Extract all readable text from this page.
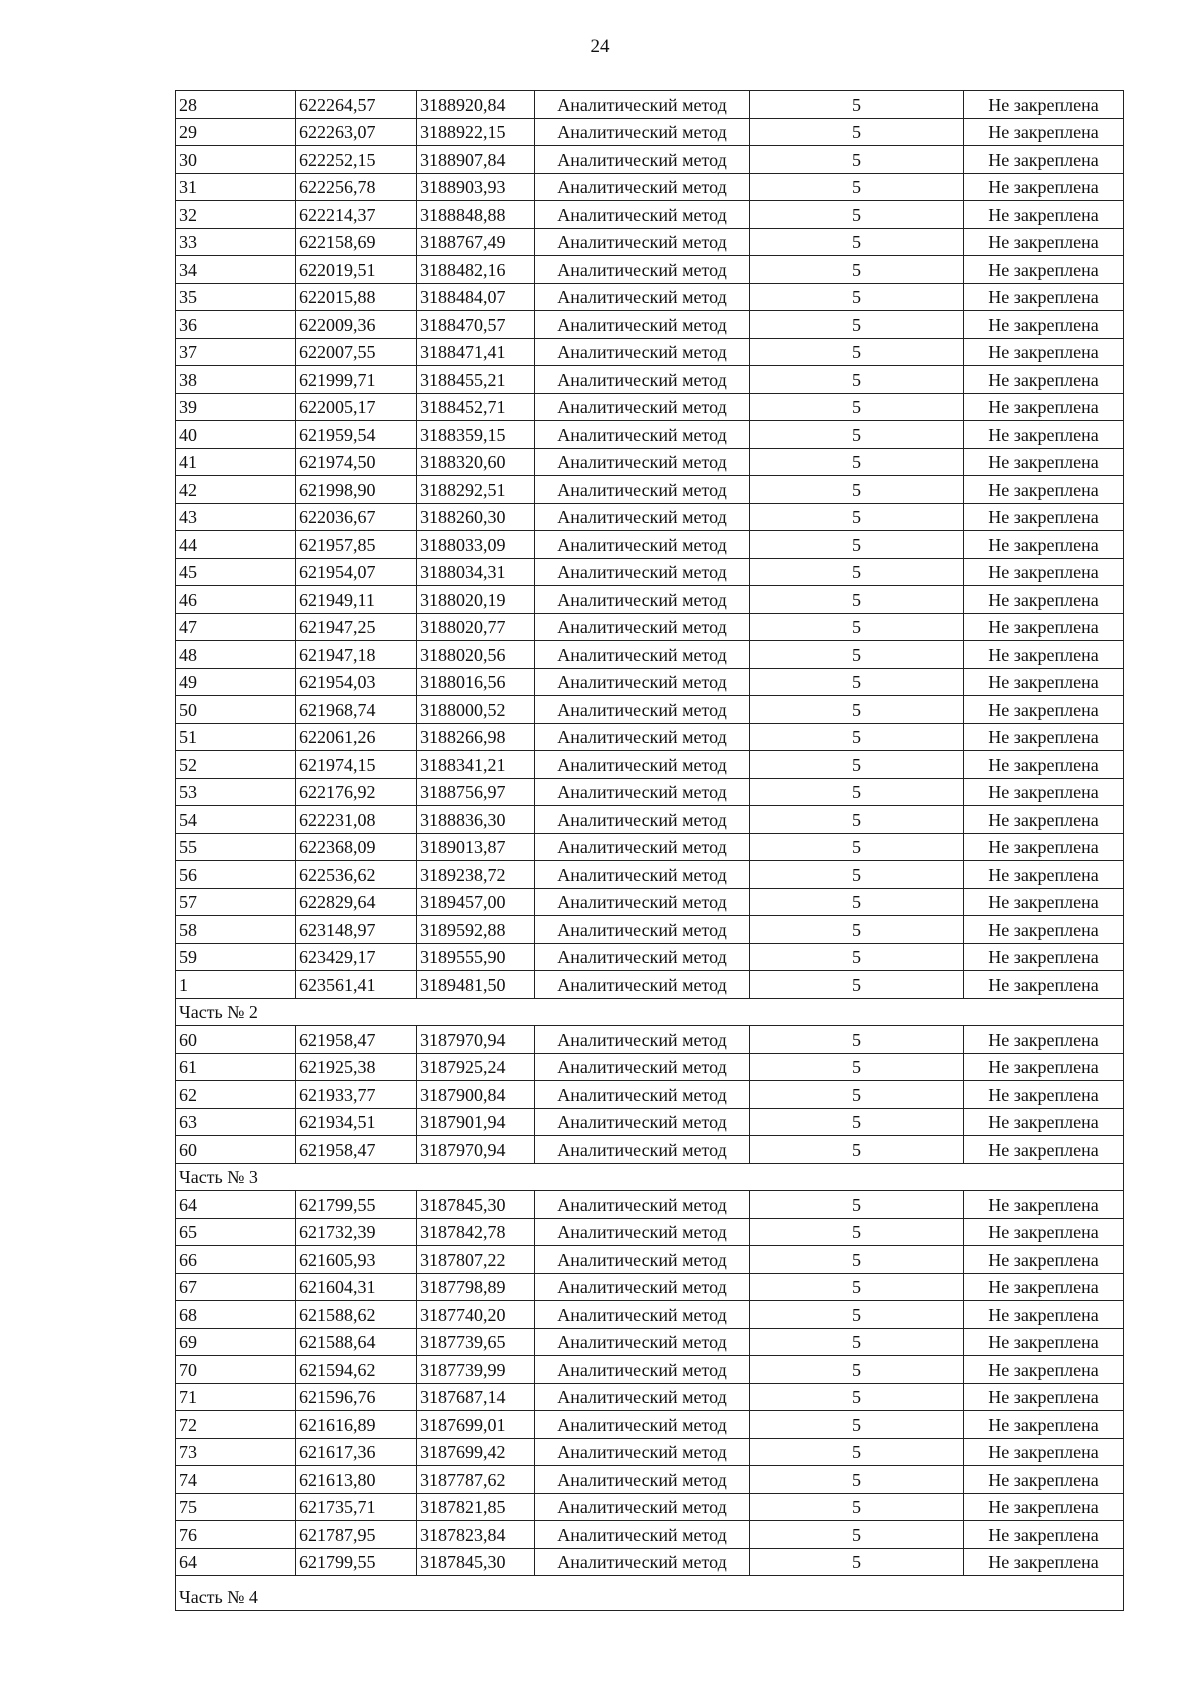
24
28	622264,57	3188920,84	Аналитический метод	5	Не закреплена
29	622263,07	3188922,15	Аналитический метод	5	Не закреплена
30	622252,15	3188907,84	Аналитический метод	5	Не закреплена
31	622256,78	3188903,93	Аналитический метод	5	Не закреплена
32	622214,37	3188848,88	Аналитический метод	5	Не закреплена
33	622158,69	3188767,49	Аналитический метод	5	Не закреплена
34	622019,51	3188482,16	Аналитический метод	5	Не закреплена
35	622015,88	3188484,07	Аналитический метод	5	Не закреплена
36	622009,36	3188470,57	Аналитический метод	5	Не закреплена
37	622007,55	3188471,41	Аналитический метод	5	Не закреплена
38	621999,71	3188455,21	Аналитический метод	5	Не закреплена
39	622005,17	3188452,71	Аналитический метод	5	Не закреплена
40	621959,54	3188359,15	Аналитический метод	5	Не закреплена
41	621974,50	3188320,60	Аналитический метод	5	Не закреплена
42	621998,90	3188292,51	Аналитический метод	5	Не закреплена
43	622036,67	3188260,30	Аналитический метод	5	Не закреплена
44	621957,85	3188033,09	Аналитический метод	5	Не закреплена
45	621954,07	3188034,31	Аналитический метод	5	Не закреплена
46	621949,11	3188020,19	Аналитический метод	5	Не закреплена
47	621947,25	3188020,77	Аналитический метод	5	Не закреплена
48	621947,18	3188020,56	Аналитический метод	5	Не закреплена
49	621954,03	3188016,56	Аналитический метод	5	Не закреплена
50	621968,74	3188000,52	Аналитический метод	5	Не закреплена
51	622061,26	3188266,98	Аналитический метод	5	Не закреплена
52	621974,15	3188341,21	Аналитический метод	5	Не закреплена
53	622176,92	3188756,97	Аналитический метод	5	Не закреплена
54	622231,08	3188836,30	Аналитический метод	5	Не закреплена
55	622368,09	3189013,87	Аналитический метод	5	Не закреплена
56	622536,62	3189238,72	Аналитический метод	5	Не закреплена
57	622829,64	3189457,00	Аналитический метод	5	Не закреплена
58	623148,97	3189592,88	Аналитический метод	5	Не закреплена
59	623429,17	3189555,90	Аналитический метод	5	Не закреплена
1	623561,41	3189481,50	Аналитический метод	5	Не закреплена
Часть № 2					
60	621958,47	3187970,94	Аналитический метод	5	Не закреплена
61	621925,38	3187925,24	Аналитический метод	5	Не закреплена
62	621933,77	3187900,84	Аналитический метод	5	Не закреплена
63	621934,51	3187901,94	Аналитический метод	5	Не закреплена
60	621958,47	3187970,94	Аналитический метод	5	Не закреплена
Часть № 3					
64	621799,55	3187845,30	Аналитический метод	5	Не закреплена
65	621732,39	3187842,78	Аналитический метод	5	Не закреплена
66	621605,93	3187807,22	Аналитический метод	5	Не закреплена
67	621604,31	3187798,89	Аналитический метод	5	Не закреплена
68	621588,62	3187740,20	Аналитический метод	5	Не закреплена
69	621588,64	3187739,65	Аналитический метод	5	Не закреплена
70	621594,62	3187739,99	Аналитический метод	5	Не закреплена
71	621596,76	3187687,14	Аналитический метод	5	Не закреплена
72	621616,89	3187699,01	Аналитический метод	5	Не закреплена
73	621617,36	3187699,42	Аналитический метод	5	Не закреплена
74	621613,80	3187787,62	Аналитический метод	5	Не закреплена
75	621735,71	3187821,85	Аналитический метод	5	Не закреплена
76	621787,95	3187823,84	Аналитический метод	5	Не закреплена
64	621799,55	3187845,30	Аналитический метод	5	Не закреплена
Часть № 4					
